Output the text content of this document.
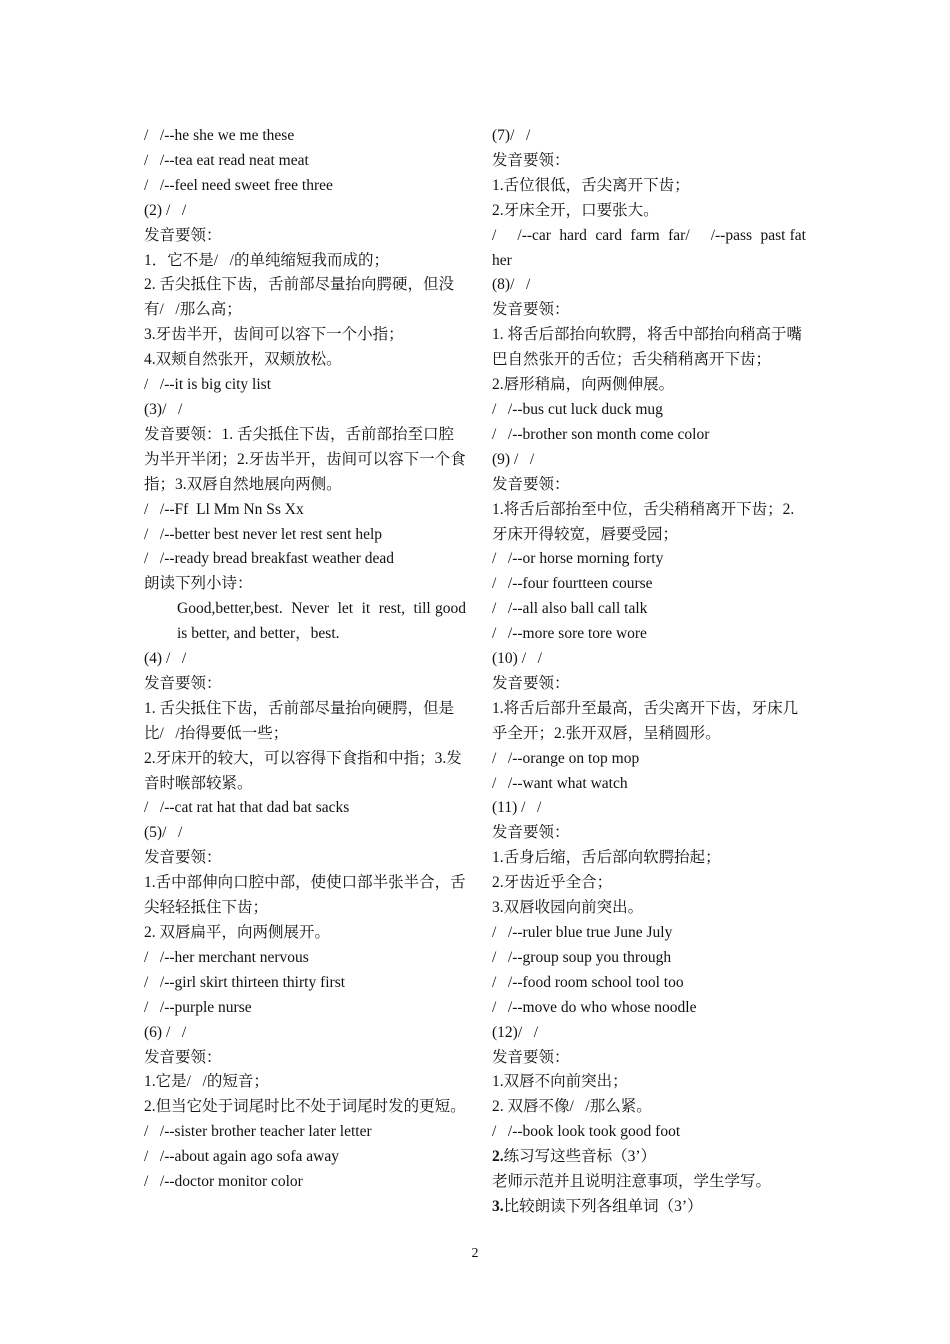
/   /--he she we me these
/   /--tea eat read neat meat
/   /--feel need sweet free three
(2) /   /
发音要领：
1．它不是/   /的单纯缩短我而成的；
2. 舌尖抵住下齿，舌前部尽量抬向腭硬，但没有/   /那么高；
3.牙齿半开，齿间可以容下一个小指；
4.双颊自然张开，双颊放松。
/   /--it is big city list
(3)/   /
发音要领：1. 舌尖抵住下齿，舌前部抬至口腔为半开半闭；2.牙齿半开，齿间可以容下一个食指；3.双唇自然地展向两侧。
/   /--Ff  Ll Mm Nn Ss Xx
/   /--better best never let rest sent help
/   /--ready bread breakfast weather dead
朗读下列小诗：
Good,better,best.  Never  let  it  rest,  till good is better, and better，best.
(4) /   /
发音要领：
1. 舌尖抵住下齿，舌前部尽量抬向硬腭，但是比/   /抬得要低一些；
2.牙床开的较大，可以容得下食指和中指；3.发音时喉部较紧。
/   /--cat rat hat that dad bat sacks
(5)/   /
发音要领：
1.舌中部伸向口腔中部，使使口部半张半合，舌尖轻轻抵住下齿；
2. 双唇扁平，向两侧展开。
/   /--her merchant nervous
/   /--girl skirt thirteen thirty first
/   /--purple nurse
(6) /   /
发音要领：
1.它是/   /的短音；
2.但当它处于词尾时比不处于词尾时发的更短。
/   /--sister brother teacher later letter
/   /--about again ago sofa away
/   /--doctor monitor color
(7)/   /
发音要领：
1.舌位很低，舌尖离开下齿；
2.牙床全开，口要张大。
/     /--car  hard  card  farm  far/     /--pass  past father
(8)/   /
发音要领：
1. 将舌后部抬向软腭，将舌中部抬向稍高于嘴巴自然张开的舌位；舌尖稍稍离开下齿；
2.唇形稍扁，向两侧伸展。
/   /--bus cut luck duck mug
/   /--brother son month come color
(9) /   /
发音要领：
1.将舌后部抬至中位，舌尖稍稍离开下齿；2.牙床开得较宽，唇要受园；
/   /--or horse morning forty
/   /--four fourtteen course
/   /--all also ball call talk
/   /--more sore tore wore
(10) /   /
发音要领：
1.将舌后部升至最高，舌尖离开下齿，牙床几乎全开；2.张开双唇，呈稍圆形。
/   /--orange on top mop
/   /--want what watch
(11) /   /
发音要领：
1.舌身后缩，舌后部向软腭抬起；
2.牙齿近乎全合；
3.双唇收园向前突出。
/   /--ruler blue true June July
/   /--group soup you through
/   /--food room school tool too
/   /--move do who whose noodle
(12)/   /
发音要领：
1.双唇不向前突出；
2. 双唇不像/   /那么紧。
/   /--book look took good foot
2.练习写这些音标（3’）
老师示范并且说明注意事项，学生学写。
3.比较朗读下列各组单词（3’）
2
